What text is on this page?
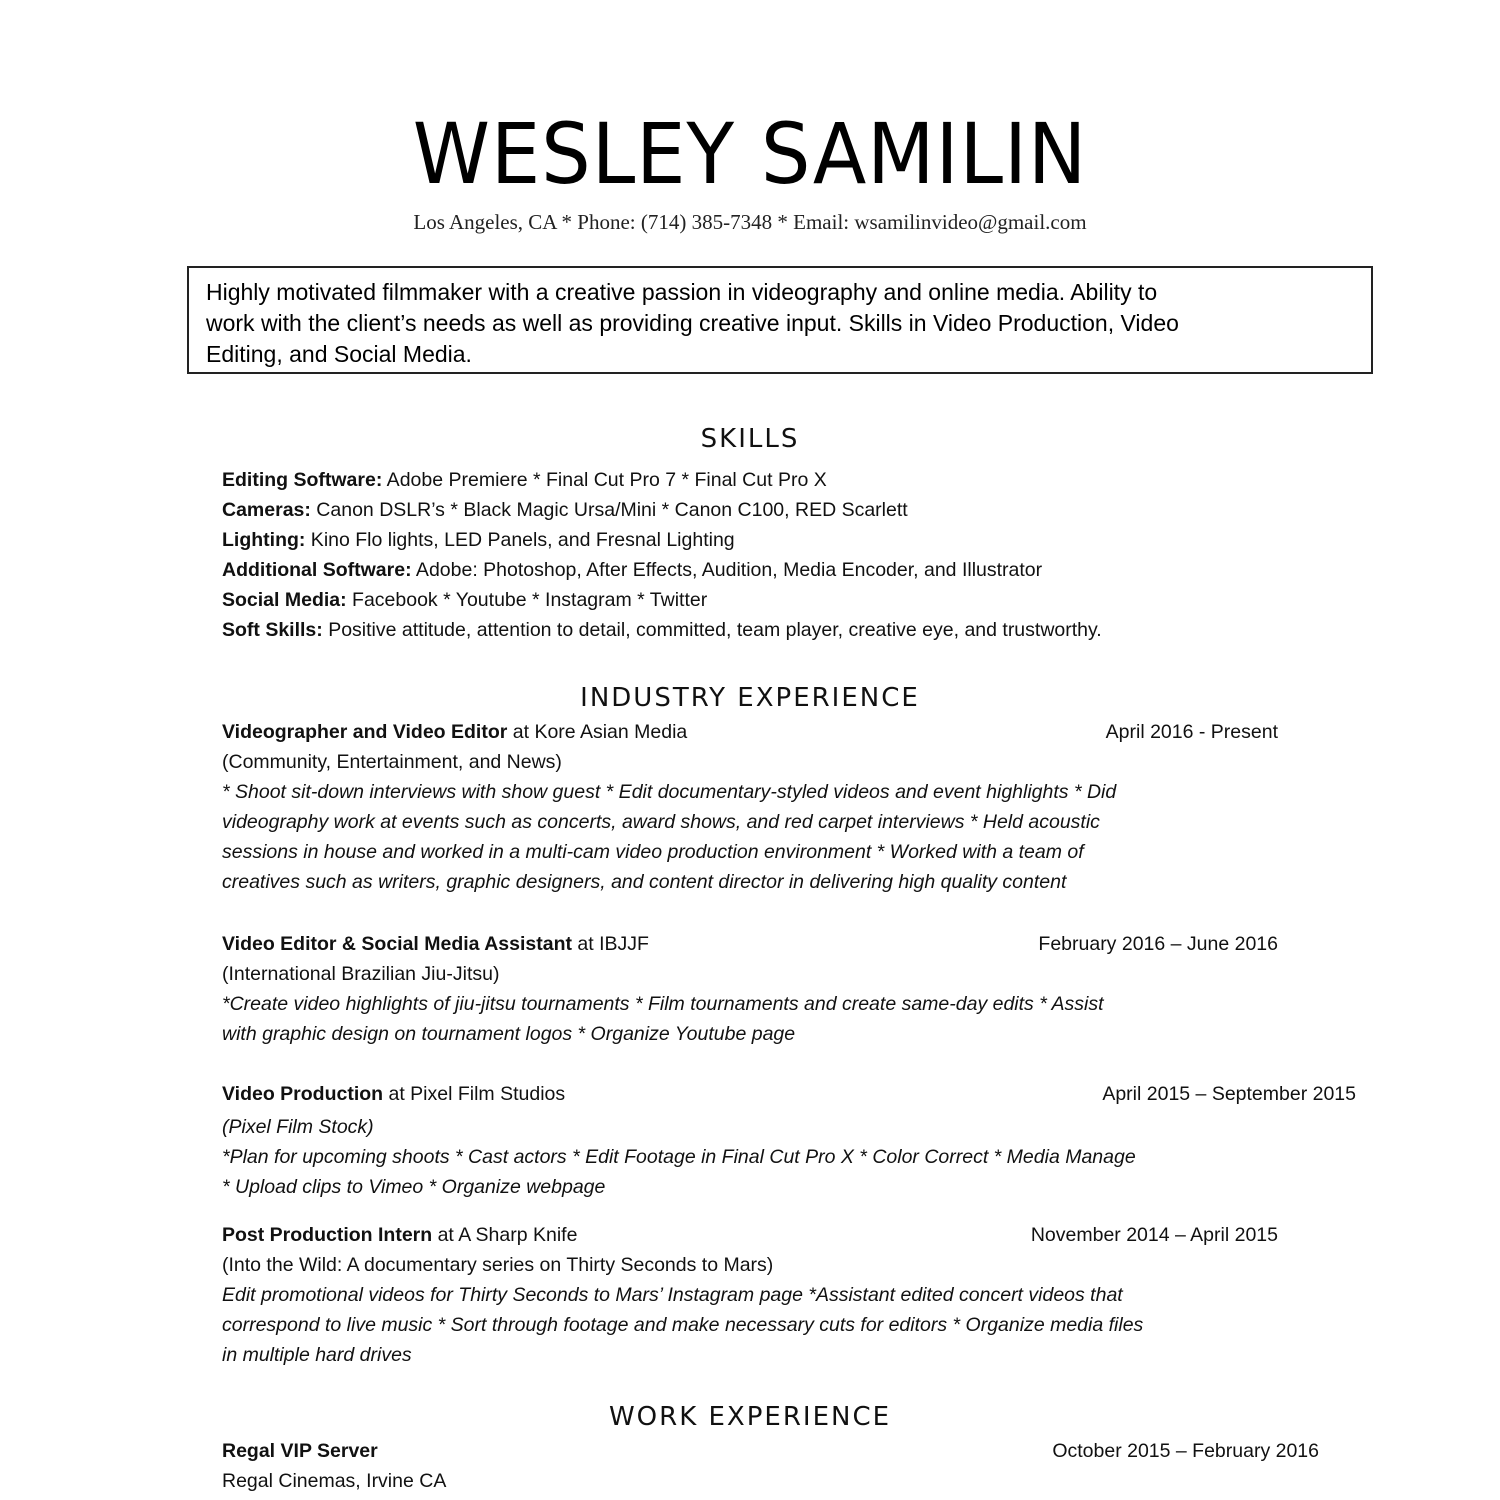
WESLEY SAMILIN
Los Angeles, CA * Phone: (714) 385-7348 * Email: wsamilinvideo@gmail.com
Highly motivated filmmaker with a creative passion in videography and online media. Ability to
work with the client’s needs as well as providing creative input. Skills in Video Production, Video
Editing, and Social Media.
SKILLS
Editing Software: Adobe Premiere * Final Cut Pro 7 * Final Cut Pro X
Cameras: Canon DSLR’s * Black Magic Ursa/Mini * Canon C100, RED Scarlett
Lighting: Kino Flo lights, LED Panels, and Fresnal Lighting
Additional Software: Adobe: Photoshop, After Effects, Audition, Media Encoder, and Illustrator
Social Media: Facebook * Youtube * Instagram * Twitter
Soft Skills: Positive attitude, attention to detail, committed, team player, creative eye, and trustworthy.
INDUSTRY EXPERIENCE
Videographer and Video Editor at Kore Asian Media	April 2016 - Present
(Community, Entertainment, and News)
* Shoot sit-down interviews with show guest * Edit documentary-styled videos and event highlights * Did
videography work at events such as concerts, award shows, and red carpet interviews * Held acoustic
sessions in house and worked in a multi-cam video production environment * Worked with a team of
creatives such as writers, graphic designers, and content director in delivering high quality content
Video Editor & Social Media Assistant at IBJJF	February 2016 – June 2016
(International Brazilian Jiu-Jitsu)
*Create video highlights of jiu-jitsu tournaments * Film tournaments and create same-day edits * Assist
with graphic design on tournament logos * Organize Youtube page
Video Production at Pixel Film Studios	April 2015 – September 2015
(Pixel Film Stock)
*Plan for upcoming shoots * Cast actors * Edit Footage in Final Cut Pro X * Color Correct * Media Manage
* Upload clips to Vimeo * Organize webpage
Post Production Intern at A Sharp Knife	November 2014 – April 2015
(Into the Wild: A documentary series on Thirty Seconds to Mars)
Edit promotional videos for Thirty Seconds to Mars’ Instagram page *Assistant edited concert videos that
correspond to live music * Sort through footage and make necessary cuts for editors * Organize media files
in multiple hard drives
WORK EXPERIENCE
Regal VIP Server	October 2015 – February 2016
Regal Cinemas, Irvine CA
